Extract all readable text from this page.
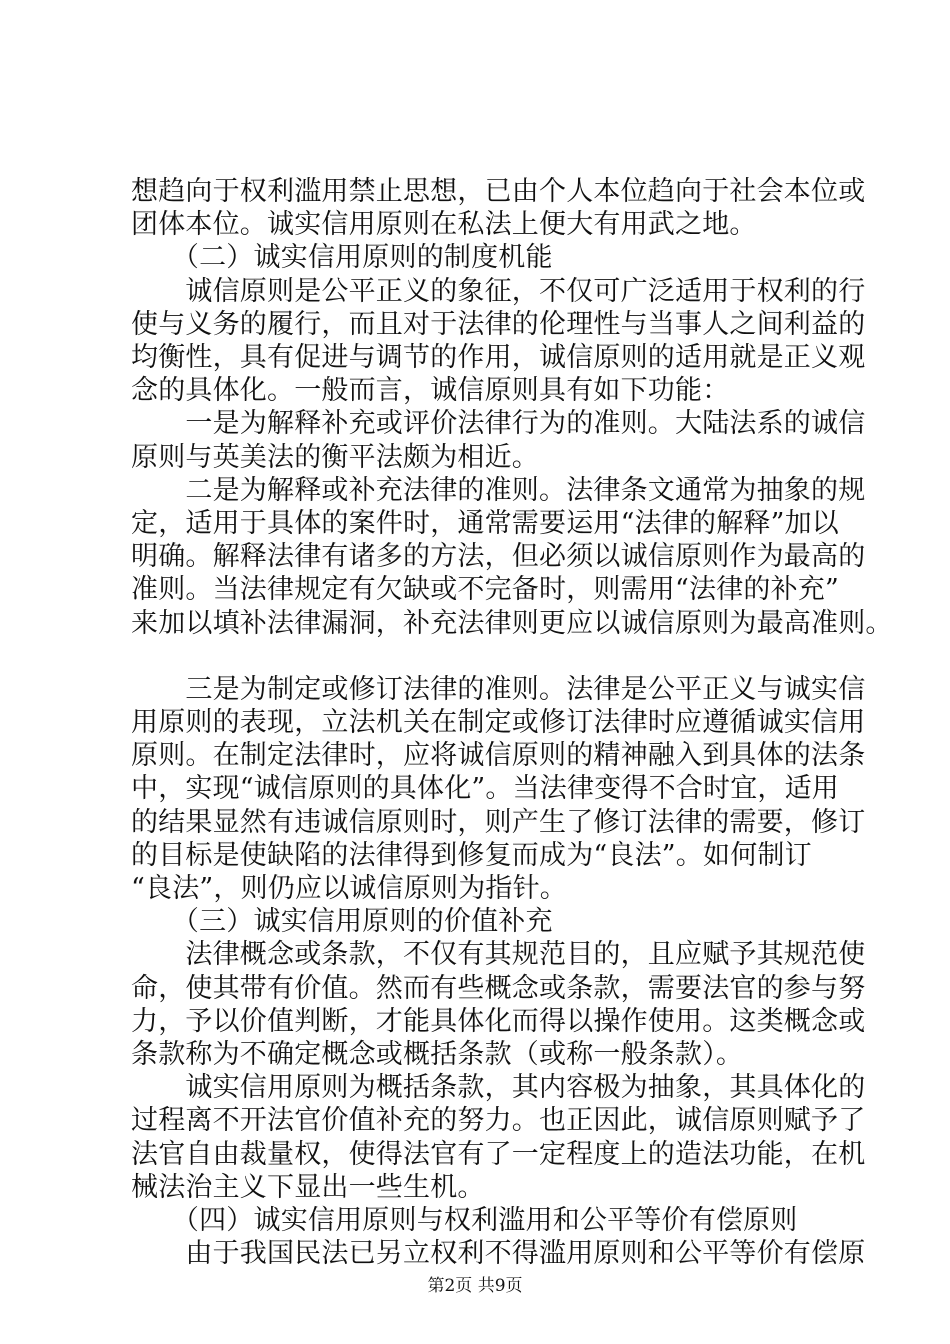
想趋向于权利滥用禁止思想，已由个人本位趋向于社会本位或
团体本位。诚实信用原则在私法上便大有用武之地。
　　（二）诚实信用原则的制度机能
　　诚信原则是公平正义的象征，不仅可广泛适用于权利的行
使与义务的履行，而且对于法律的伦理性与当事人之间利益的
均衡性，具有促进与调节的作用，诚信原则的适用就是正义观
念的具体化。一般而言，诚信原则具有如下功能：
　　一是为解释补充或评价法律行为的准则。大陆法系的诚信
原则与英美法的衡平法颇为相近。
　　二是为解释或补充法律的准则。法律条文通常为抽象的规
定，适用于具体的案件时，通常需要运用“法律的解释”加以
明确。解释法律有诸多的方法，但必须以诚信原则作为最高的
准则。当法律规定有欠缺或不完备时，则需用“法律的补充”
来加以填补法律漏洞，补充法律则更应以诚信原则为最高准则。
　　三是为制定或修订法律的准则。法律是公平正义与诚实信
用原则的表现，立法机关在制定或修订法律时应遵循诚实信用
原则。在制定法律时，应将诚信原则的精神融入到具体的法条
中，实现“诚信原则的具体化”。当法律变得不合时宜，适用
的结果显然有违诚信原则时，则产生了修订法律的需要，修订
的目标是使缺陷的法律得到修复而成为“良法”。如何制订
“良法”，则仍应以诚信原则为指针。
　　（三）诚实信用原则的价值补充
　　法律概念或条款，不仅有其规范目的，且应赋予其规范使
命，使其带有价值。然而有些概念或条款，需要法官的参与努
力，予以价值判断，才能具体化而得以操作使用。这类概念或
条款称为不确定概念或概括条款（或称一般条款）。
　　诚实信用原则为概括条款，其内容极为抽象，其具体化的
过程离不开法官价值补充的努力。也正因此，诚信原则赋予了
法官自由裁量权，使得法官有了一定程度上的造法功能，在机
械法治主义下显出一些生机。
　　（四）诚实信用原则与权利滥用和公平等价有偿原则
　　由于我国民法已另立权利不得滥用原则和公平等价有偿原
第2页 共9页
